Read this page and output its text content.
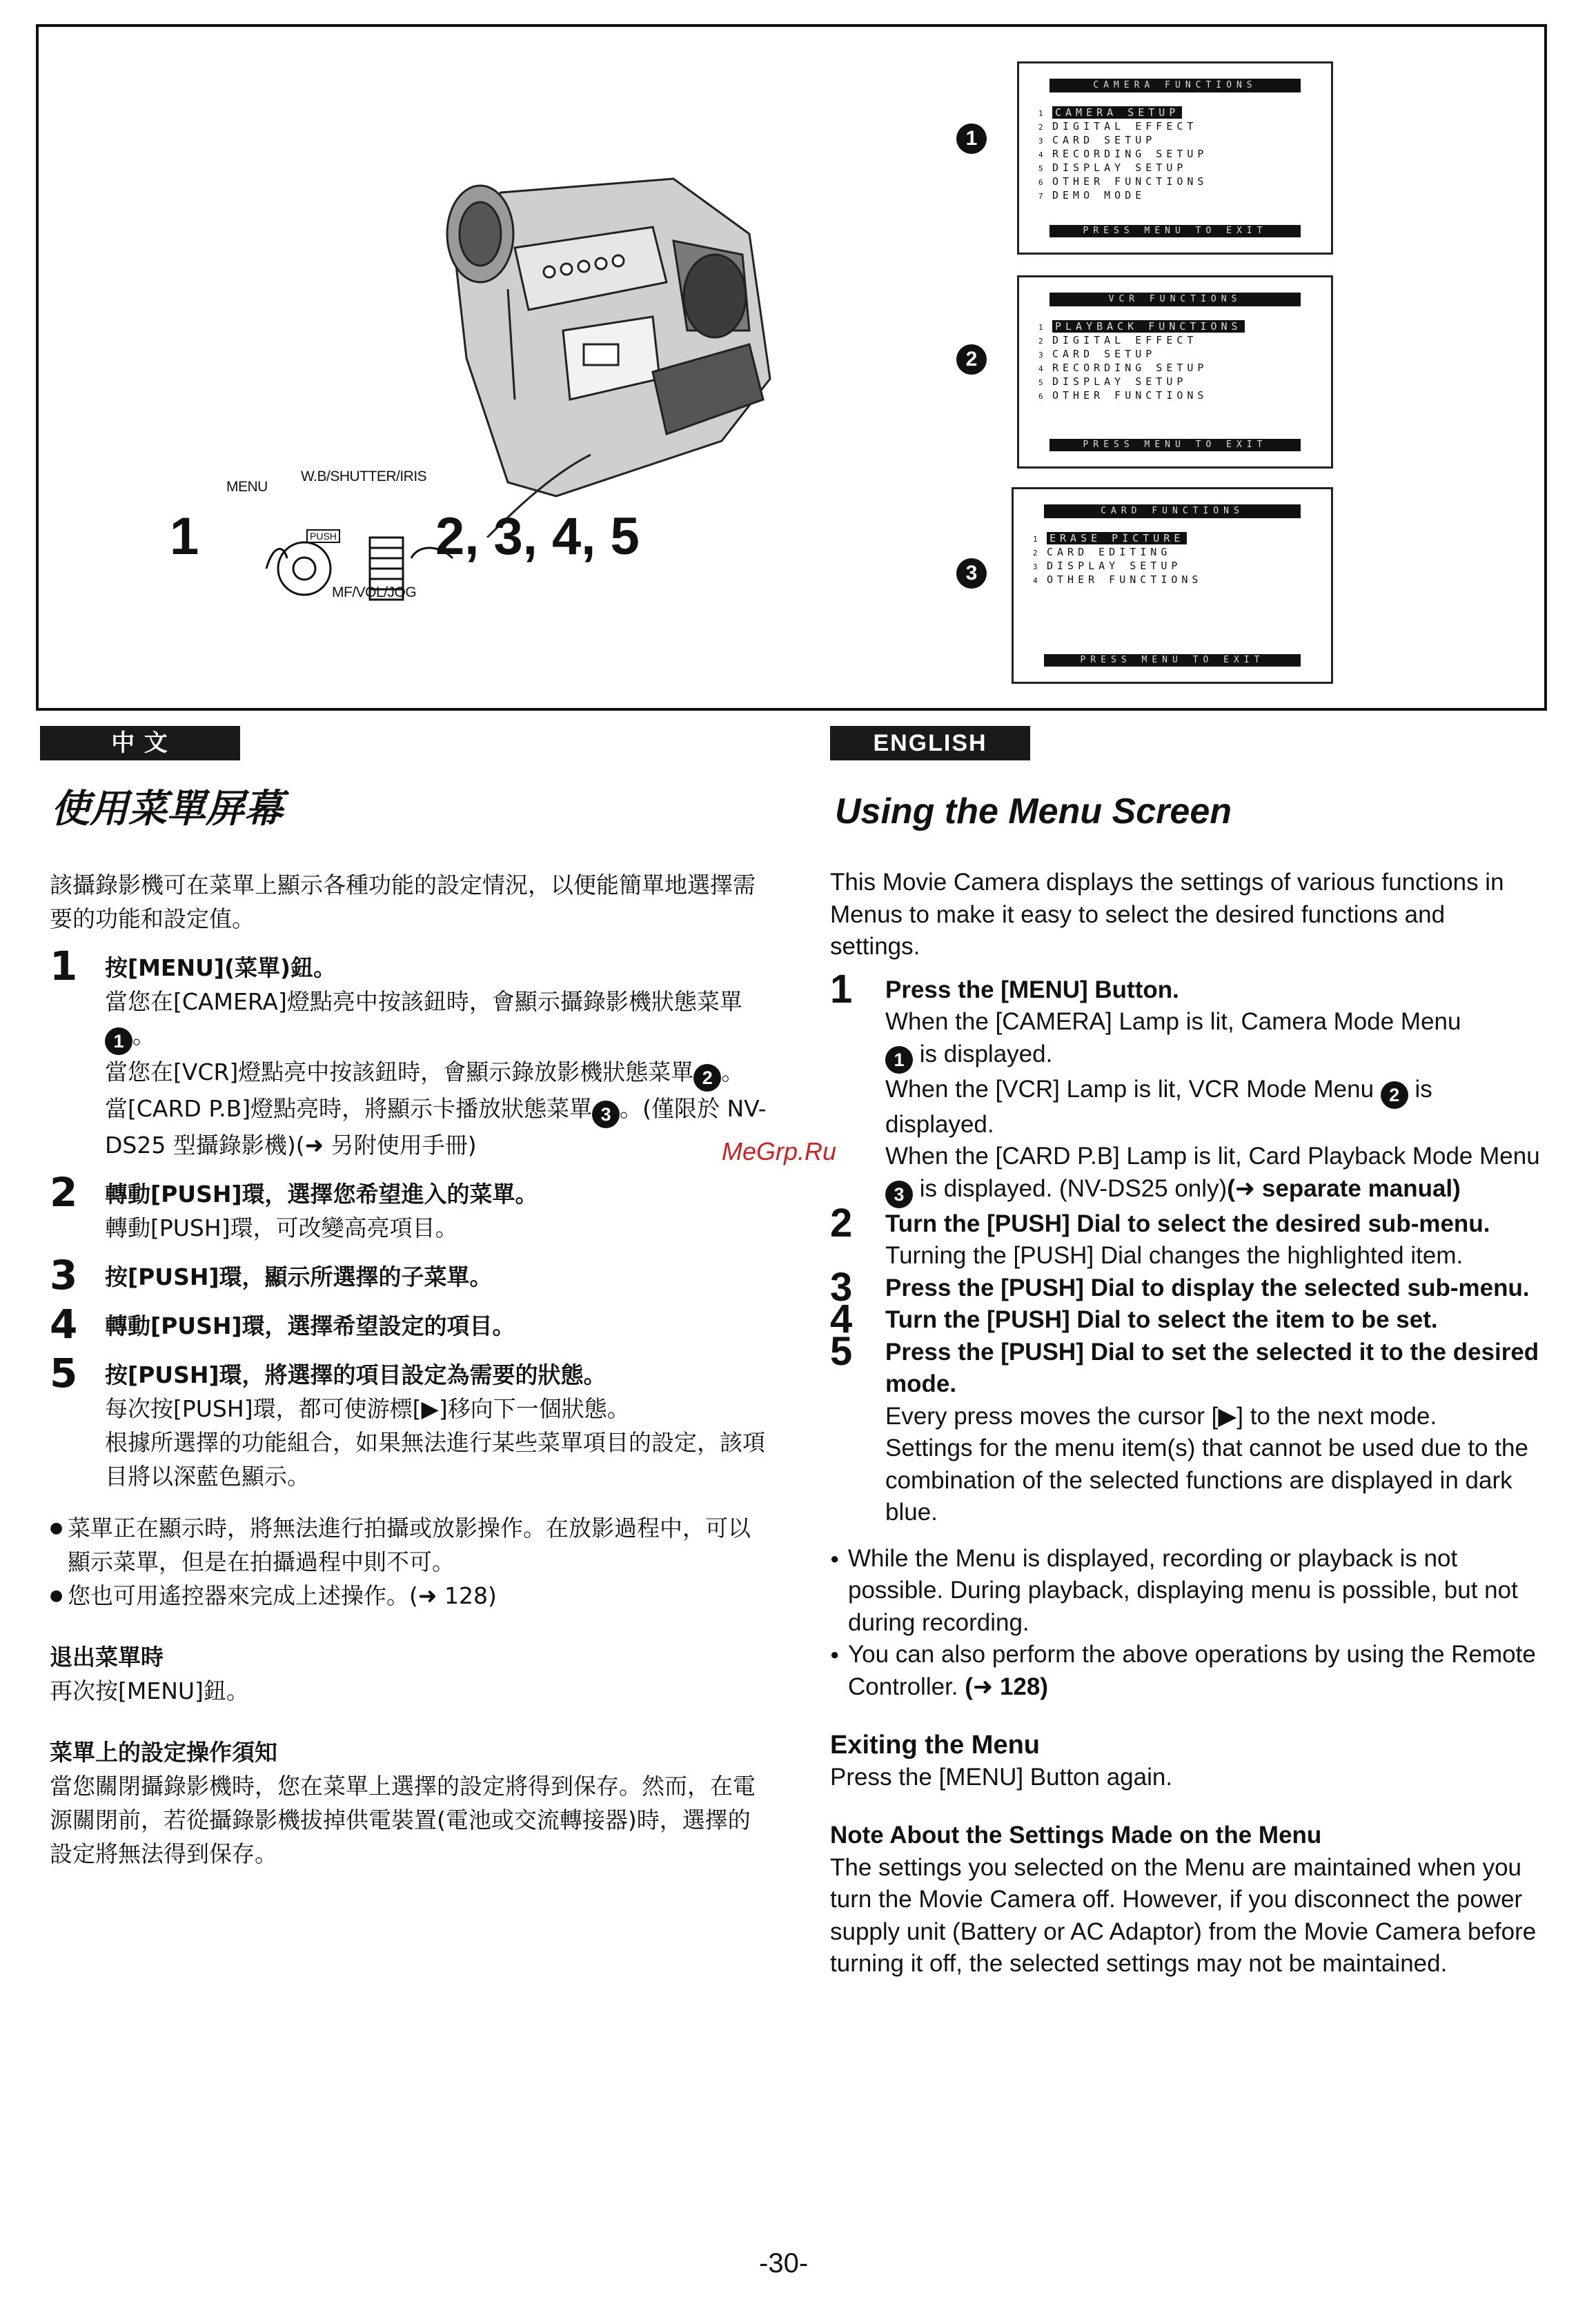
MENU
W.B/SHUTTER/IRIS
PUSH
MF/VOL/JOG
1	2, 3, 4, 5
1
CAMERA FUNCTIONS
1 CAMERA SETUP
2 DIGITAL EFFECT
3 CARD SETUP
4 RECORDING SETUP
5 DISPLAY SETUP
6 OTHER FUNCTIONS
7 DEMO MODE
PRESS MENU TO EXIT
2
VCR FUNCTIONS
1 PLAYBACK FUNCTIONS
2 DIGITAL EFFECT
3 CARD SETUP
4 RECORDING SETUP
5 DISPLAY SETUP
6 OTHER FUNCTIONS
PRESS MENU TO EXIT
3
CARD FUNCTIONS
1 ERASE PICTURE
2 CARD EDITING
3 DISPLAY SETUP
4 OTHER FUNCTIONS
PRESS MENU TO EXIT
中 文
使用菜單屏幕

該攝錄影機可在菜單上顯示各種功能的設定情況，以便能簡單地選擇需要的功能和設定值。

1 按[MENU](菜單)鈕。
當您在[CAMERA]燈點亮中按該鈕時，會顯示攝錄影機狀態菜單1 。
當您在[VCR]燈點亮中按該鈕時，會顯示錄放影機狀態菜單 2 。
當[CARD P.B]燈點亮時，將顯示卡播放狀態菜單 3 。(僅限於 NV-DS25 型攝錄影機)(➜ 另附使用手冊)
2 轉動[PUSH]環，選擇您希望進入的菜單。
轉動[PUSH]環，可改變高亮項目。
3 按[PUSH]環，顯示所選擇的子菜單。
4 轉動[PUSH]環，選擇希望設定的項目。
5 按[PUSH]環，將選擇的項目設定為需要的狀態。
每次按[PUSH]環，都可使游標[▶]移向下一個狀態。
根據所選擇的功能組合，如果無法進行某些菜單項目的設定，該項目將以深藍色顯示。
● 菜單正在顯示時，將無法進行拍攝或放影操作。在放影過程中，可以顯示菜單，但是在拍攝過程中則不可。
● 您也可用遙控器來完成上述操作。(➜ 128)
退出菜單時
再次按[MENU]鈕。
菜單上的設定操作須知
當您關閉攝錄影機時，您在菜單上選擇的設定將得到保存。然而，在電源關閉前，若從攝錄影機拔掉供電裝置(電池或交流轉接器)時，選擇的設定將無法得到保存。
ENGLISH
Using the Menu Screen

This Movie Camera displays the settings of various functions in Menus to make it easy to select the desired functions and settings.

1 Press the [MENU] Button.
When the [CAMERA] Lamp is lit, Camera Mode Menu
1 is displayed.
When the [VCR] Lamp is lit, VCR Mode Menu 2 is displayed.
When the [CARD P.B] Lamp is lit, Card Playback Mode Menu 3 is displayed. (NV-DS25 only)(➜ separate manual)
2 Turn the [PUSH] Dial to select the desired sub-menu.
Turning the [PUSH] Dial changes the highlighted item.
3 Press the [PUSH] Dial to display the selected sub-menu.
4 Turn the [PUSH] Dial to select the item to be set.
5 Press the [PUSH] Dial to set the selected it to the desired mode.
Every press moves the cursor [▶] to the next mode.
Settings for the menu item(s) that cannot be used due to the combination of the selected functions are displayed in dark blue.
● While the Menu is displayed, recording or playback is not possible. During playback, displaying menu is possible, but not during recording.
● You can also perform the above operations by using the Remote Controller. (➜ 128)
Exiting the Menu
Press the [MENU] Button again.
Note About the Settings Made on the Menu
The settings you selected on the Menu are maintained when you turn the Movie Camera off. However, if you disconnect the power supply unit (Battery or AC Adaptor) from the Movie Camera before turning it off, the selected settings may not be maintained.
MeGrp.Ru
-30-
